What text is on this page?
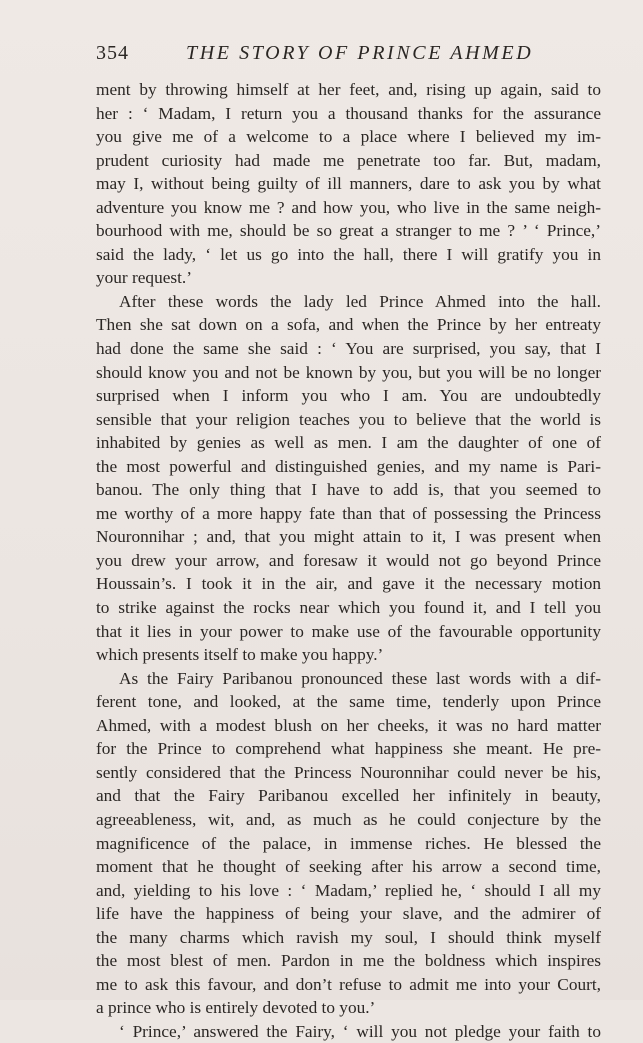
354	THE STORY OF PRINCE AHMED
ment by throwing himself at her feet, and, rising up again, said to
her : ‘ Madam, I return you a thousand thanks for the assurance
you give me of a welcome to a place where I believed my im-
prudent curiosity had made me penetrate too far. But, madam,
may I, without being guilty of ill manners, dare to ask you by what
adventure you know me ? and how you, who live in the same neigh-
bourhood with me, should be so great a stranger to me ? ’ ‘ Prince,’
said the lady, ‘ let us go into the hall, there I will gratify you in
your request.’
After these words the lady led Prince Ahmed into the hall.
Then she sat down on a sofa, and when the Prince by her entreaty
had done the same she said : ‘ You are surprised, you say, that I
should know you and not be known by you, but you will be no longer
surprised when I inform you who I am. You are undoubtedly
sensible that your religion teaches you to believe that the world is
inhabited by genies as well as men. I am the daughter of one of
the most powerful and distinguished genies, and my name is Pari-
banou. The only thing that I have to add is, that you seemed to
me worthy of a more happy fate than that of possessing the Princess
Nouronnihar ; and, that you might attain to it, I was present when
you drew your arrow, and foresaw it would not go beyond Prince
Houssain’s. I took it in the air, and gave it the necessary motion
to strike against the rocks near which you found it, and I tell you
that it lies in your power to make use of the favourable opportunity
which presents itself to make you happy.’
As the Fairy Paribanou pronounced these last words with a dif-
ferent tone, and looked, at the same time, tenderly upon Prince
Ahmed, with a modest blush on her cheeks, it was no hard matter
for the Prince to comprehend what happiness she meant. He pre-
sently considered that the Princess Nouronnihar could never be his,
and that the Fairy Paribanou excelled her infinitely in beauty,
agreeableness, wit, and, as much as he could conjecture by the
magnificence of the palace, in immense riches. He blessed the
moment that he thought of seeking after his arrow a second time,
and, yielding to his love : ‘ Madam,’ replied he, ‘ should I all my
life have the happiness of being your slave, and the admirer of
the many charms which ravish my soul, I should think myself
the most blest of men. Pardon in me the boldness which inspires
me to ask this favour, and don’t refuse to admit me into your Court,
a prince who is entirely devoted to you.’
‘ Prince,’ answered the Fairy, ‘ will you not pledge your faith to
